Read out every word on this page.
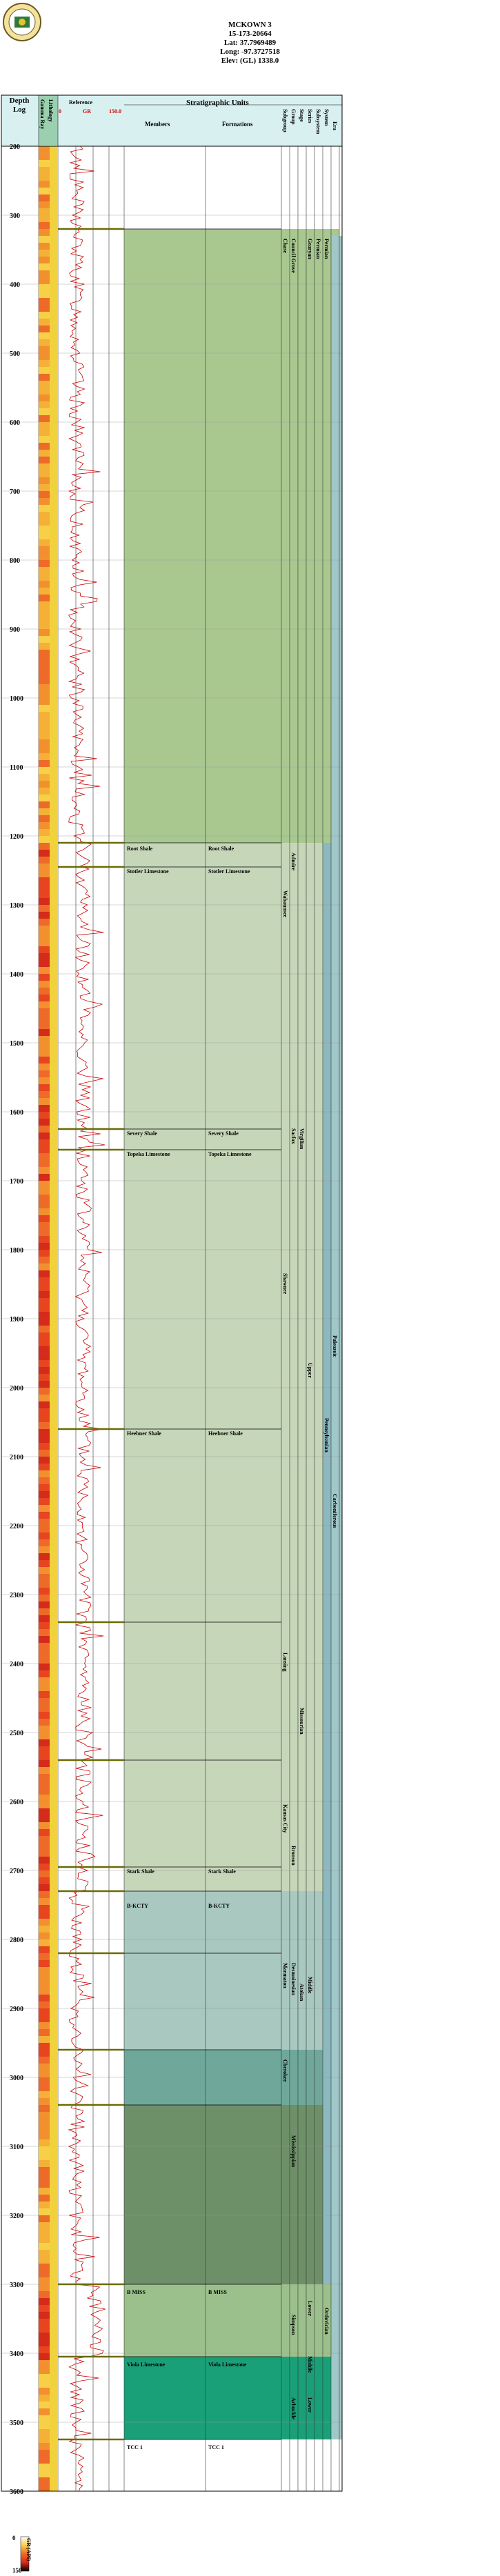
MCKOWN 3
15-173-20664
Lat: 37.7969489
Long: -97.3727518
Elev: (GL) 1338.0
200
300
400
500
600
700
800
900
1000
1100
1200
1300
1400
1500
1600
1700
1800
1900
2000
2100
2200
2300
2400
2500
2600
2700
2800
2900
3000
3100
3200
3300
3400
3500
3600
Depth
Log	Gamma Ray Lithology	Reference
GR
0	150.0
Stratigraphic Units
Members	Formations	Subgroup Group Stage Series Subsystem System Era
Root Shale	Root Shale
Stotler Limestone	Stotler Limestone
Severy Shale	Severy Shale
Topeka Limestone	Topeka Limestone
Heebner Shale	Heebner Shale
Stark Shale	Stark Shale
B-KCTY	B-KCTY
B MISS	B MISS
Viola Limestone	Viola Limestone
TCC 1	TCC 1
Chase
Wabaunsee
Shawnee
Lansing
Kansas City
Marmaton
Cherokee
Council Grove
Admire
Sacfox
Bronson
Desmoinesian
Mississippian
Simpson
Arbuckle
Virgilian
Missourian
Atokan
Gearyan
Upper
Middle
Lower
Middle
Lower
Permian Permian
Pennsylvanian
Ordovician
Paleozoic
Carboniferous
0
150
GR (API)
